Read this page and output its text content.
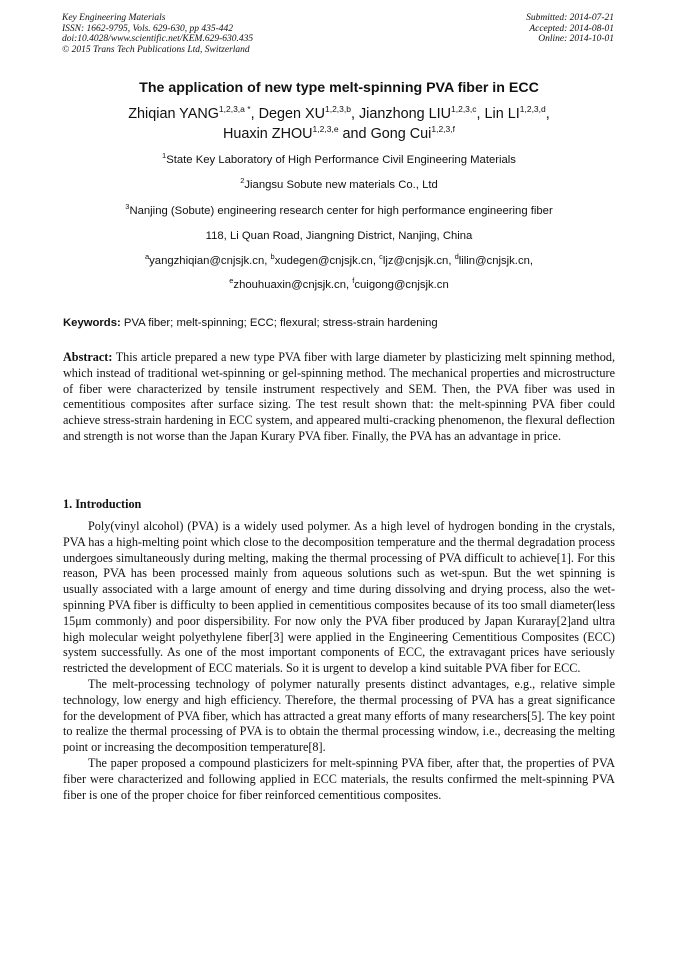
Key Engineering Materials
ISSN: 1662-9795, Vols. 629-630, pp 435-442
doi:10.4028/www.scientific.net/KEM.629-630.435
© 2015 Trans Tech Publications Ltd, Switzerland
Submitted: 2014-07-21
Accepted: 2014-08-01
Online: 2014-10-01
The application of new type melt-spinning PVA fiber in ECC
Zhiqian $YANG^{1,2,3,a *}$, Degen XU$^{1,2,3,b}$, Jianzhong LIU$^{1,2,3,c}$, Lin LI$^{1,2,3,d}$,
Huaxin ZHOU$^{1,2,3,e}$ and Gong Cui$^{1,2,3,f}$
$^1$State Key Laboratory of High Performance Civil Engineering Materials
$^2$Jiangsu Sobute new materials Co., Ltd
$^3$Nanjing (Sobute) engineering research center for high performance engineering fiber
118, Li Quan Road, Jiangning District, Nanjing, China
$^a$yangzhiqian@cnjsjk.cn, $^b$xudegen@cnjsjk.cn, $^c$ljz@cnjsjk.cn, $^d$lilin@cnjsjk.cn,
$^e$zhouhuaxin@cnjsjk.cn, $^f$cuigong@cnjsjk.cn
Keywords: PVA fiber; melt-spinning; ECC; flexural; stress-strain hardening

Abstract: This article prepared a new type PVA fiber with large diameter by plasticizing melt spinning method, which instead of traditional wet-spinning or gel-spinning method. The mechanical properties and microstructure of fiber were characterized by tensile instrument respectively and SEM. Then, the PVA fiber was used in cementitious composites after surface sizing. The test result shown that: the melt-spinning PVA fiber could achieve stress-strain hardening in ECC system, and appeared multi-cracking phenomenon, the flexural deflection and strength is not worse than the Japan Kurary PVA fiber. Finally, the PVA has an advantage in price.

1. Introduction

Poly(vinyl alcohol) (PVA) is a widely used polymer. As a high level of hydrogen bonding in the crystals, PVA has a high-melting point which close to the decomposition temperature and the thermal degradation process undergoes simultaneously during melting, making the thermal processing of PVA difficult to achieve[1]. For this reason, PVA has been processed mainly from aqueous solutions such as wet-spun. But the wet spinning is usually associated with a large amount of energy and time during dissolving and drying process, also the wet-spinning PVA fiber is difficulty to been applied in cementitious composites because of its too small diameter(less 15μm commonly) and poor dispersibility. For now only the PVA fiber produced by Japan Kuraray[2]and ultra high molecular weight polyethylene fiber[3] were applied in the Engineering Cementitious Composites (ECC) system successfully. As one of the most important components of ECC, the extravagant prices have seriously restricted the development of ECC materials. So it is urgent to develop a kind suitable PVA fiber for ECC.

The melt-processing technology of polymer naturally presents distinct advantages, e.g., relative simple technology, low energy and high efficiency. Therefore, the thermal processing of PVA has a great significance for the development of PVA fiber, which has attracted a great many efforts of many researchers[5]. The key point to realize the thermal processing of PVA is to obtain the thermal processing window, i.e., decreasing the melting point or increasing the decomposition temperature[8].

The paper proposed a compound plasticizers for melt-spinning PVA fiber, after that, the properties of PVA fiber were characterized and following applied in ECC materials, the results confirmed the melt-spinning PVA fiber is one of the proper choice for fiber reinforced cementitious composites.
